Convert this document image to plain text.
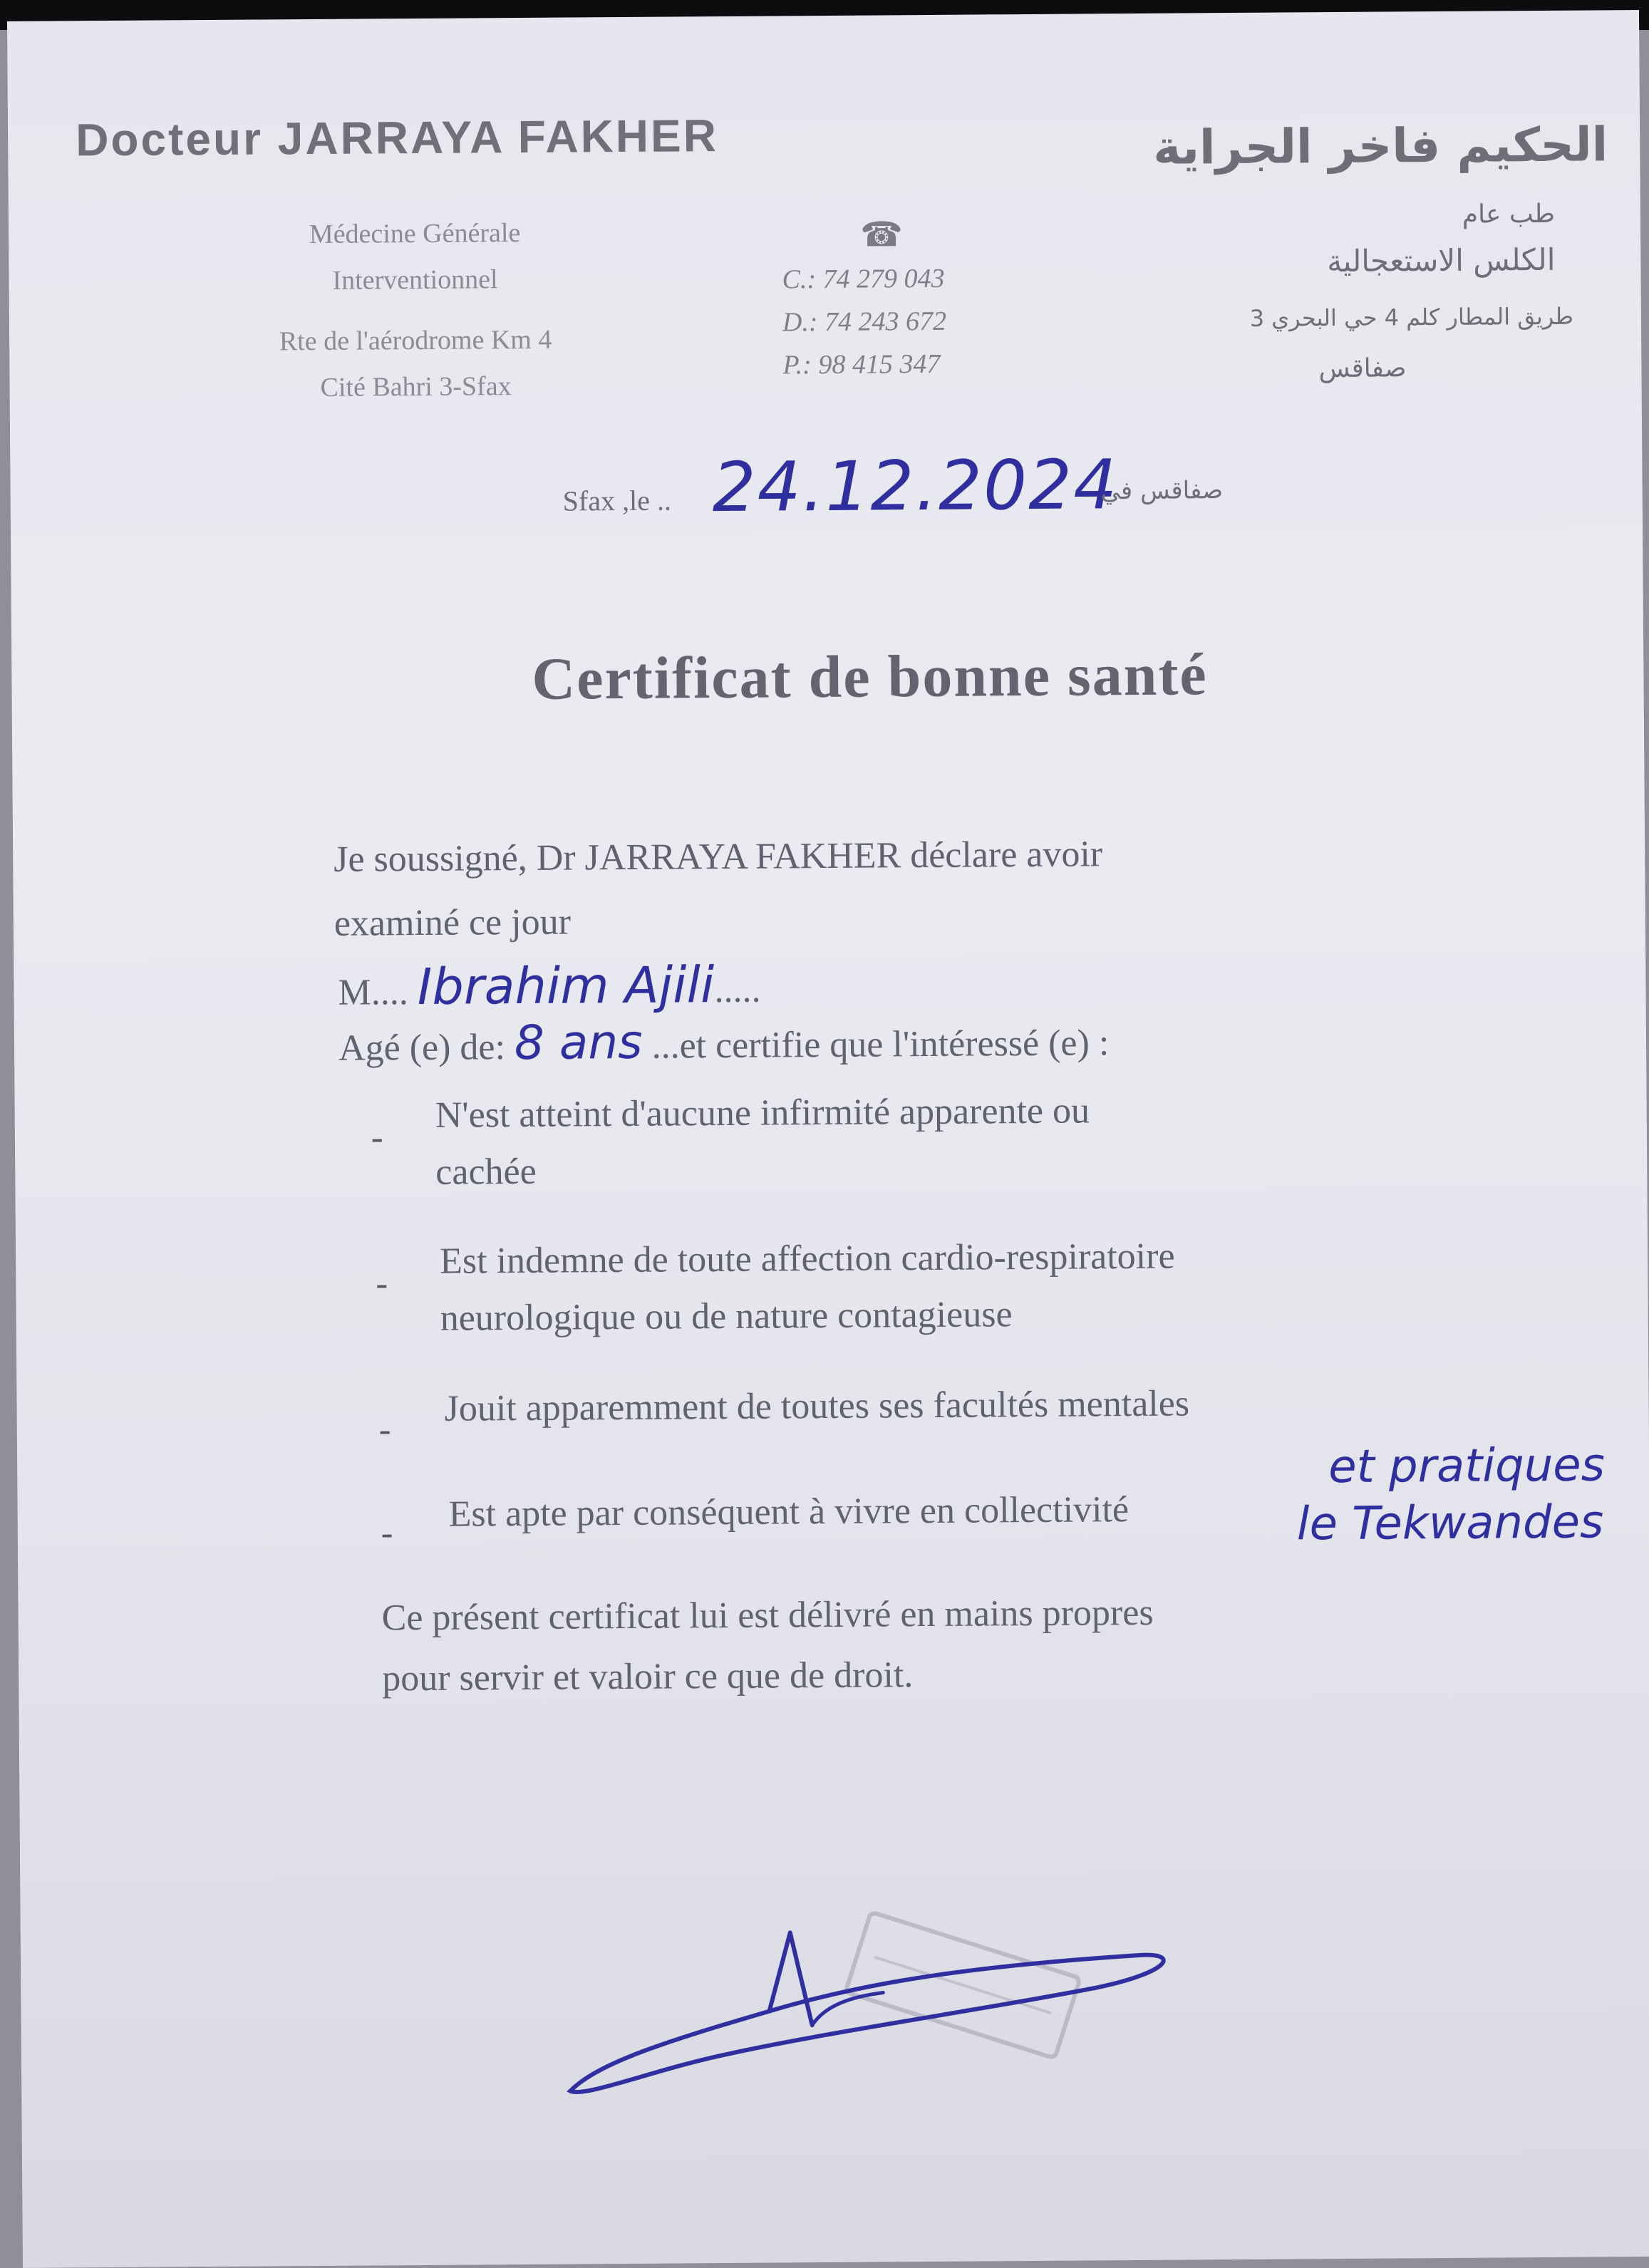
Docteur JARRAYA FAKHER
Médecine Générale
Interventionnel
Rte de l'aérodrome Km 4
Cité Bahri 3-Sfax
☎
C.: 74 279 043
D.: 74 243 672
P.: 98 415 347
الحكيم فاخر الجراية
طب عام
الكلس الاستعجالية
طريق المطار كلم 4 حي البحري 3
صفاقس
Sfax ,le .. 24.12.2024
صفاقس في
Certificat de bonne santé
Je soussigné, Dr JARRAYA FAKHER déclare avoir
examiné ce jour
M.... Ibrahim Ajili.....
Agé (e) de: 8 ans ...et certifie que l'intéressé (e) :
-
N'est atteint d'aucune infirmité apparente ou
cachée
-
Est indemne de toute affection cardio-respiratoire
neurologique ou de nature contagieuse
- Jouit apparemment de toutes ses facultés mentales
- Est apte par conséquent à vivre en collectivité
et pratiques
le Tekwandes
Ce présent certificat lui est délivré en mains propres
pour servir et valoir ce que de droit.
